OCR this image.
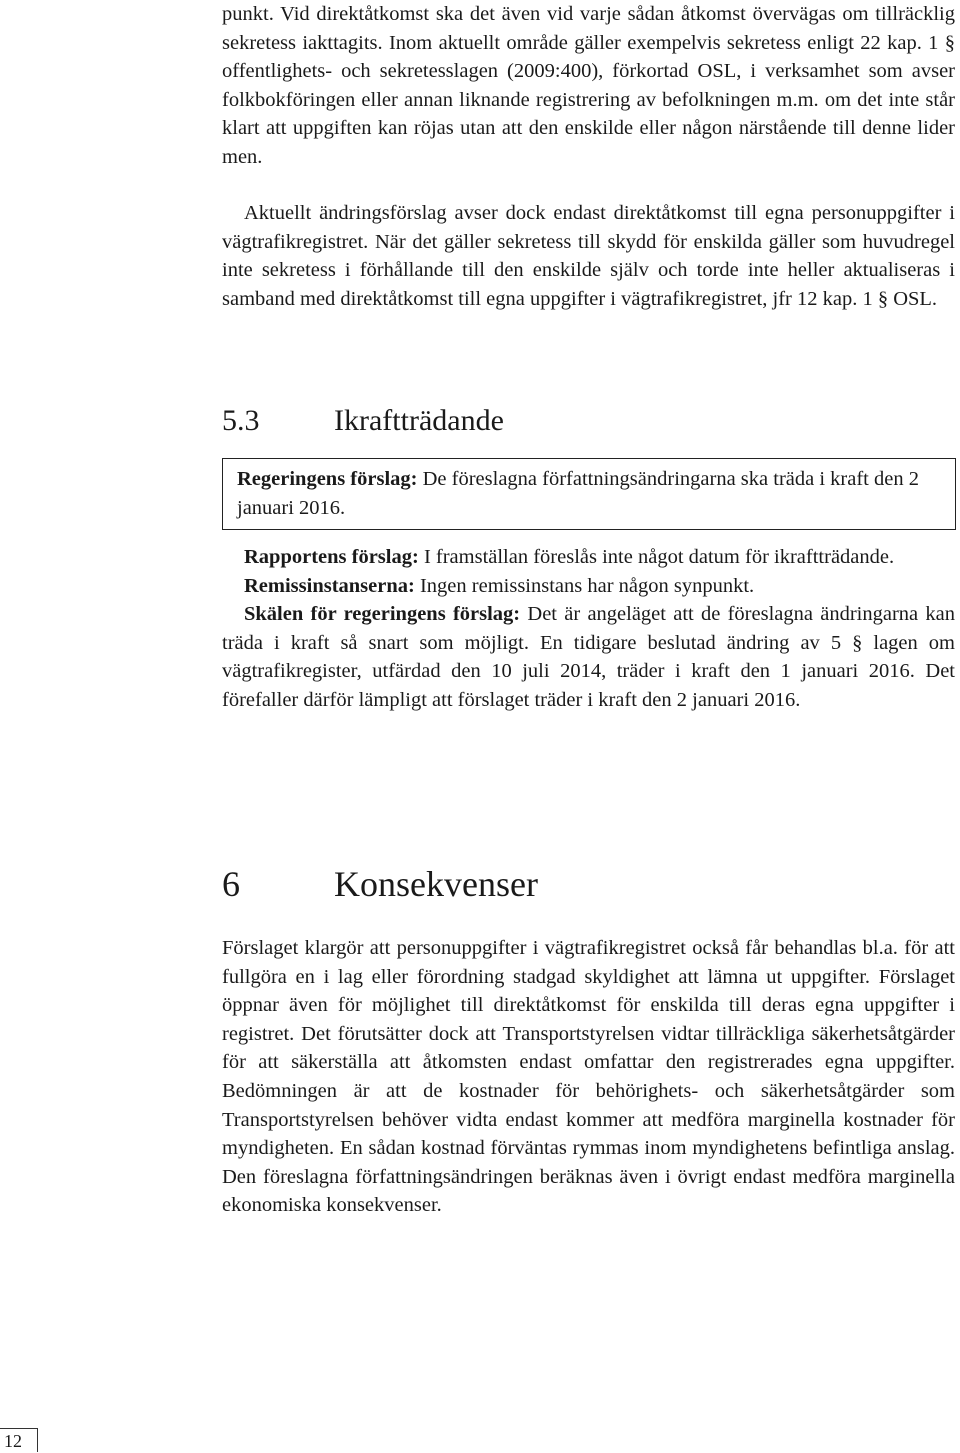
punkt. Vid direktåtkomst ska det även vid varje sådan åtkomst övervägas om tillräcklig sekretess iakttagits. Inom aktuellt område gäller exempelvis sekretess enligt 22 kap. 1 § offentlighets- och sekretesslagen (2009:400), förkortad OSL, i verksamhet som avser folkbokföringen eller annan liknande registrering av befolkningen m.m. om det inte står klart att uppgiften kan röjas utan att den enskilde eller någon närstående till denne lider men.

Aktuellt ändringsförslag avser dock endast direktåtkomst till egna personuppgifter i vägtrafikregistret. När det gäller sekretess till skydd för enskilda gäller som huvudregel inte sekretess i förhållande till den enskilde själv och torde inte heller aktualiseras i samband med direktåtkomst till egna uppgifter i vägtrafikregistret, jfr 12 kap. 1 § OSL.

5.3 Ikraftträdande

Regeringens förslag: De föreslagna författningsändringarna ska träda i kraft den 2 januari 2016.

Rapportens förslag: I framställan föreslås inte något datum för ikraftträdande.

Remissinstanserna: Ingen remissinstans har någon synpunkt.

Skälen för regeringens förslag: Det är angeläget att de föreslagna ändringarna kan träda i kraft så snart som möjligt. En tidigare beslutad ändring av 5 § lagen om vägtrafikregister, utfärdad den 10 juli 2014, träder i kraft den 1 januari 2016. Det förefaller därför lämpligt att förslaget träder i kraft den 2 januari 2016.

6	Konsekvenser

Förslaget klargör att personuppgifter i vägtrafikregistret också får behandlas bl.a. för att fullgöra en i lag eller förordning stadgad skyldighet att lämna ut uppgifter. Förslaget öppnar även för möjlighet till direktåtkomst för enskilda till deras egna uppgifter i registret. Det förutsätter dock att Transportstyrelsen vidtar tillräckliga säkerhetsåtgärder för att säkerställa att åtkomsten endast omfattar den registrerades egna uppgifter. Bedömningen är att de kostnader för behörighets- och säkerhetsåtgärder som Transportstyrelsen behöver vidta endast kommer att medföra marginella kostnader för myndigheten. En sådan kostnad förväntas rymmas inom myndighetens befintliga anslag. Den föreslagna författningsändringen beräknas även i övrigt endast medföra marginella ekonomiska konsekvenser.

12
